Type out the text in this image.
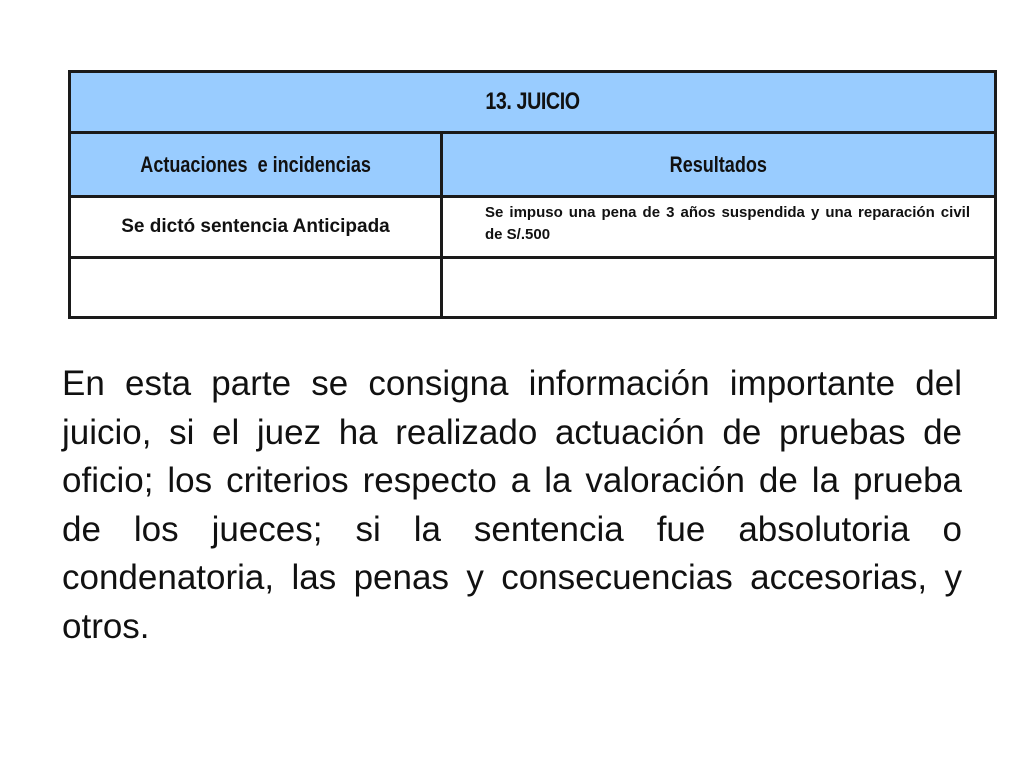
13. JUICIO
Actuaciones  e incidencias	Resultados
Se dictó sentencia Anticipada
Se impuso una pena de 3 años suspendida y una reparación civil de S/.500

En esta parte se consigna información importante del juicio, si el juez ha realizado actuación de pruebas de oficio; los criterios respecto a la valoración de la prueba de los jueces; si la sentencia fue absolutoria o condenatoria, las penas y consecuencias accesorias, y otros.
